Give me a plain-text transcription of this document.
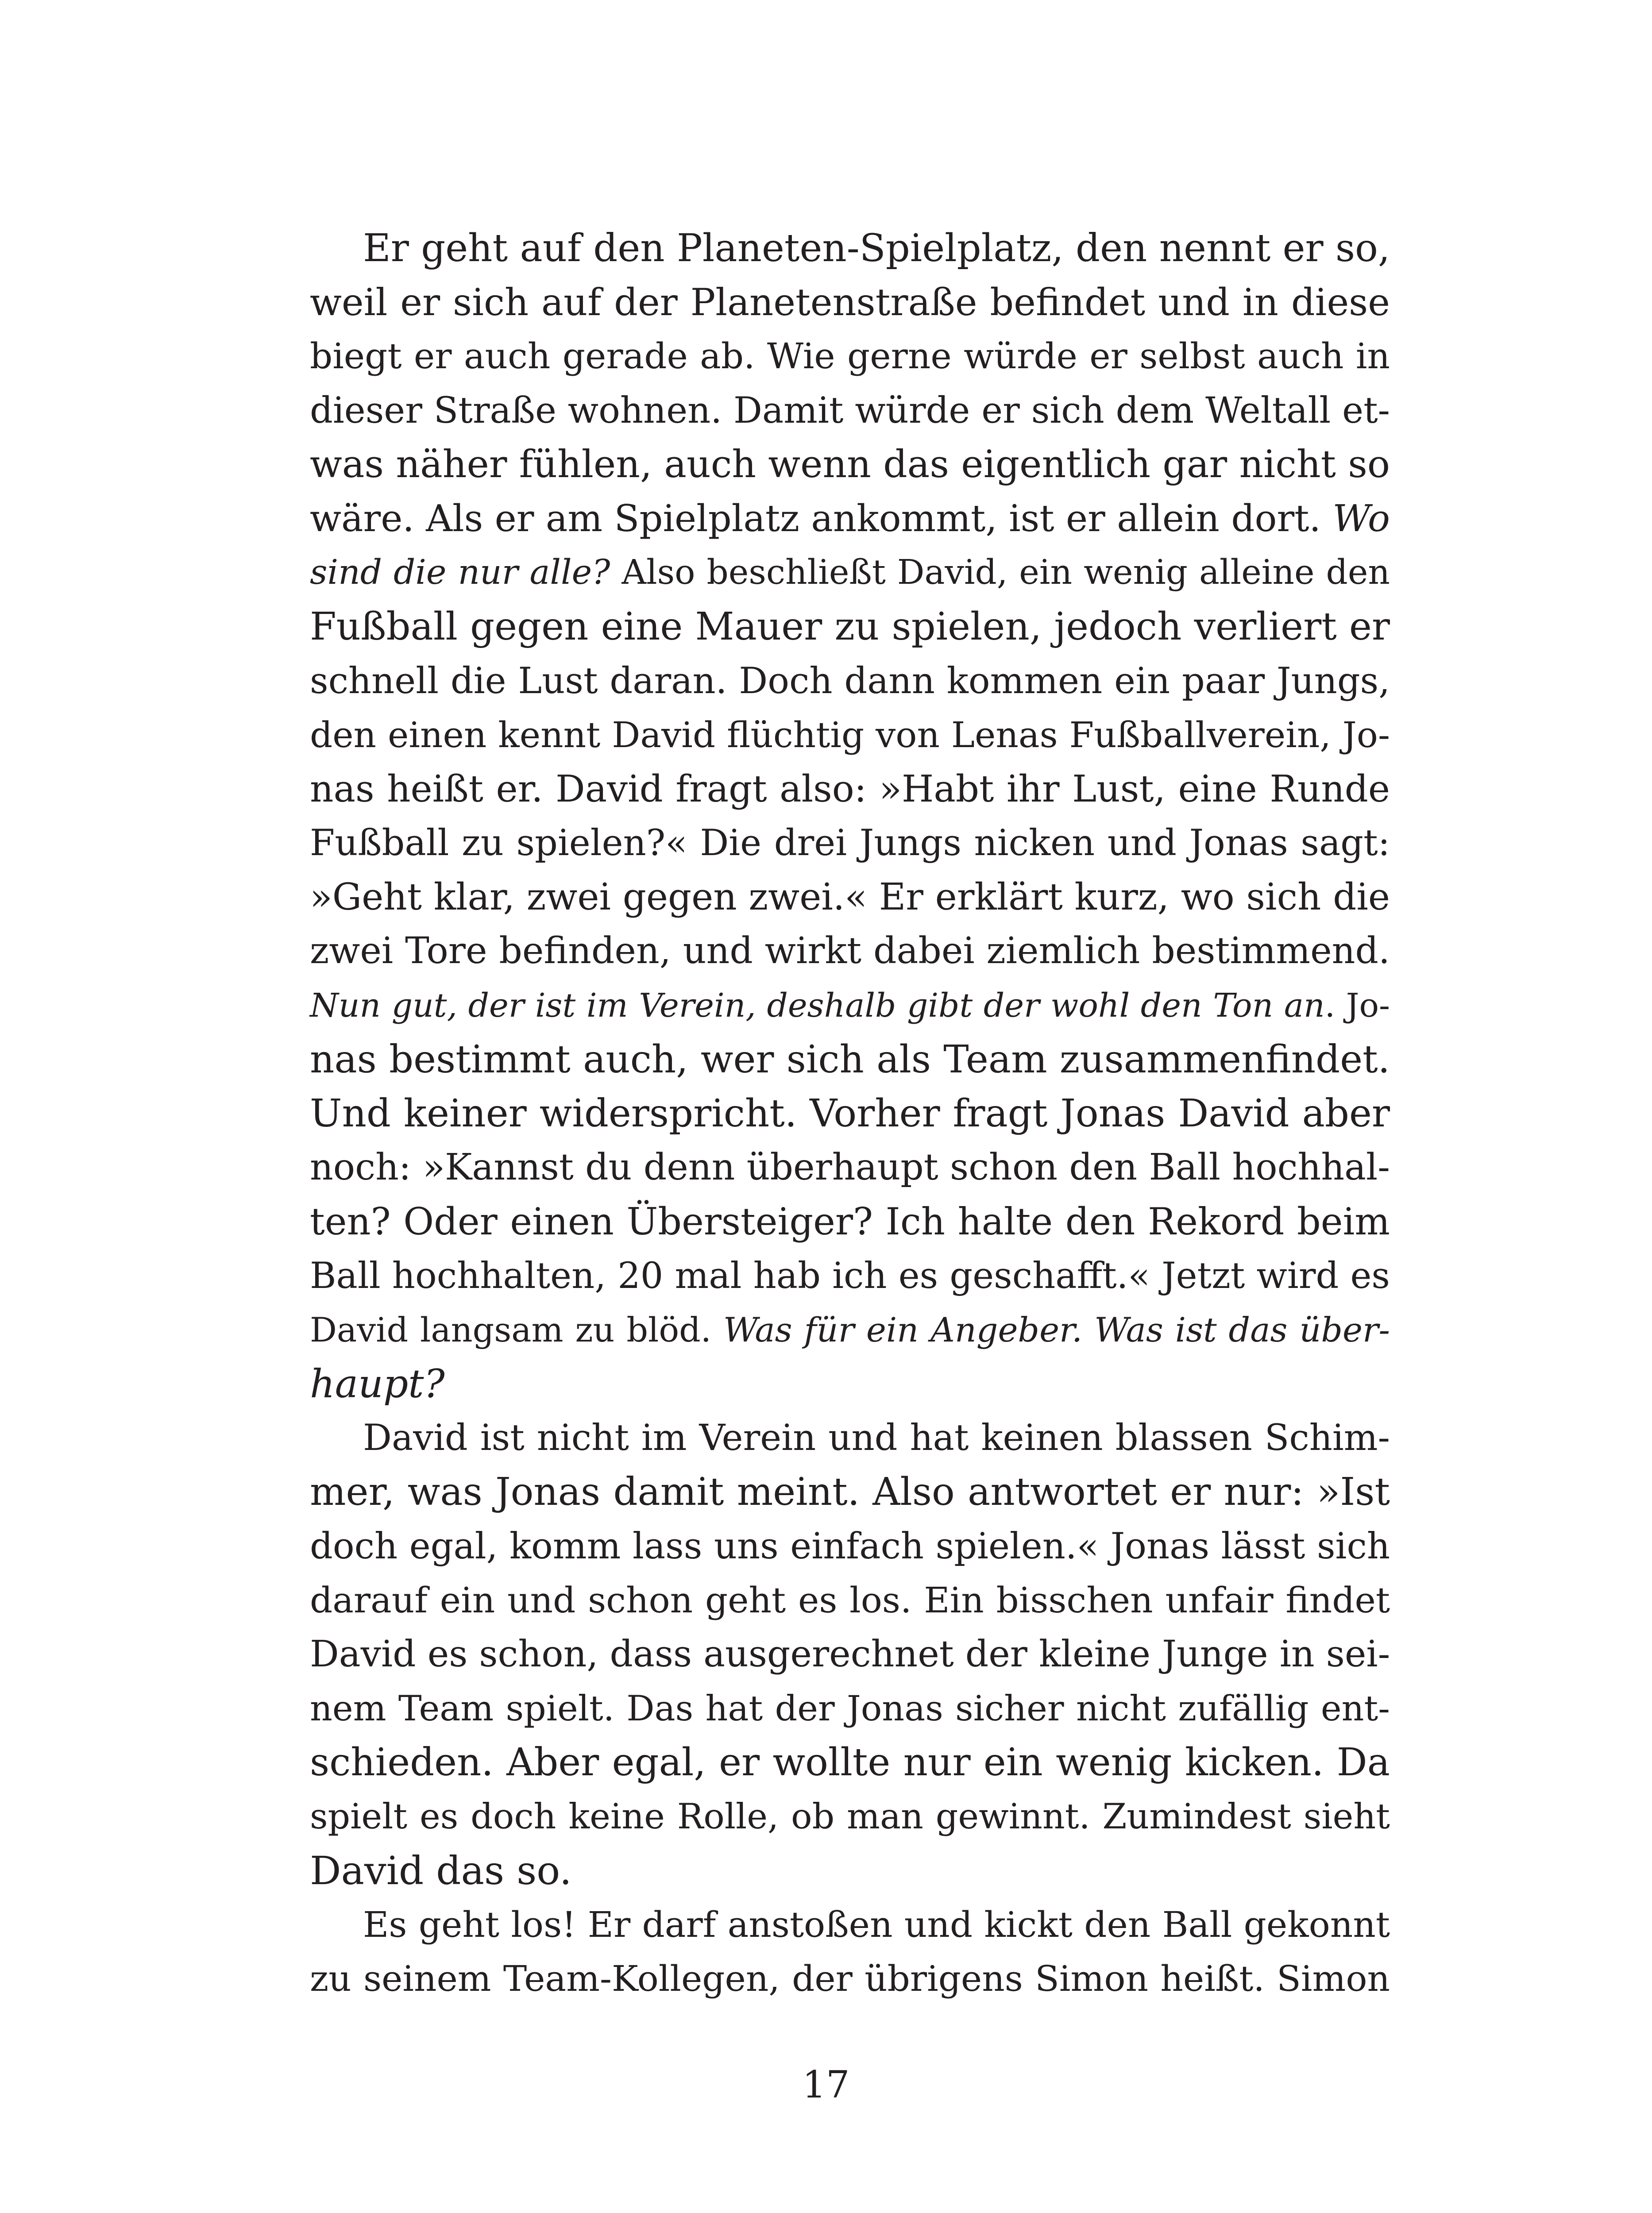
Er geht auf den Planeten-Spielplatz, den nennt er so,
weil er sich auf der Planetenstraße befindet und in diese
biegt er auch gerade ab. Wie gerne würde er selbst auch in
dieser Straße wohnen. Damit würde er sich dem Weltall et-
was näher fühlen, auch wenn das eigentlich gar nicht so
wäre. Als er am Spielplatz ankommt, ist er allein dort. Wo
sind die nur alle? Also beschließt David, ein wenig alleine den
Fußball gegen eine Mauer zu spielen, jedoch verliert er
schnell die Lust daran. Doch dann kommen ein paar Jungs,
den einen kennt David flüchtig von Lenas Fußballverein, Jo-
nas heißt er. David fragt also: »Habt ihr Lust, eine Runde
Fußball zu spielen?« Die drei Jungs nicken und Jonas sagt:
»Geht klar, zwei gegen zwei.« Er erklärt kurz, wo sich die
zwei Tore befinden, und wirkt dabei ziemlich bestimmend.
Nun gut, der ist im Verein, deshalb gibt der wohl den Ton an. Jo-
nas bestimmt auch, wer sich als Team zusammenfindet.
Und keiner widerspricht. Vorher fragt Jonas David aber
noch: »Kannst du denn überhaupt schon den Ball hochhal-
ten? Oder einen Übersteiger? Ich halte den Rekord beim
Ball hochhalten, 20 mal hab ich es geschafft.« Jetzt wird es
David langsam zu blöd. Was für ein Angeber. Was ist das über-
haupt?
David ist nicht im Verein und hat keinen blassen Schim-
mer, was Jonas damit meint. Also antwortet er nur: »Ist
doch egal, komm lass uns einfach spielen.« Jonas lässt sich
darauf ein und schon geht es los. Ein bisschen unfair findet
David es schon, dass ausgerechnet der kleine Junge in sei-
nem Team spielt. Das hat der Jonas sicher nicht zufällig ent-
schieden. Aber egal, er wollte nur ein wenig kicken. Da
spielt es doch keine Rolle, ob man gewinnt. Zumindest sieht
David das so.
Es geht los! Er darf anstoßen und kickt den Ball gekonnt
zu seinem Team-Kollegen, der übrigens Simon heißt. Simon
17
